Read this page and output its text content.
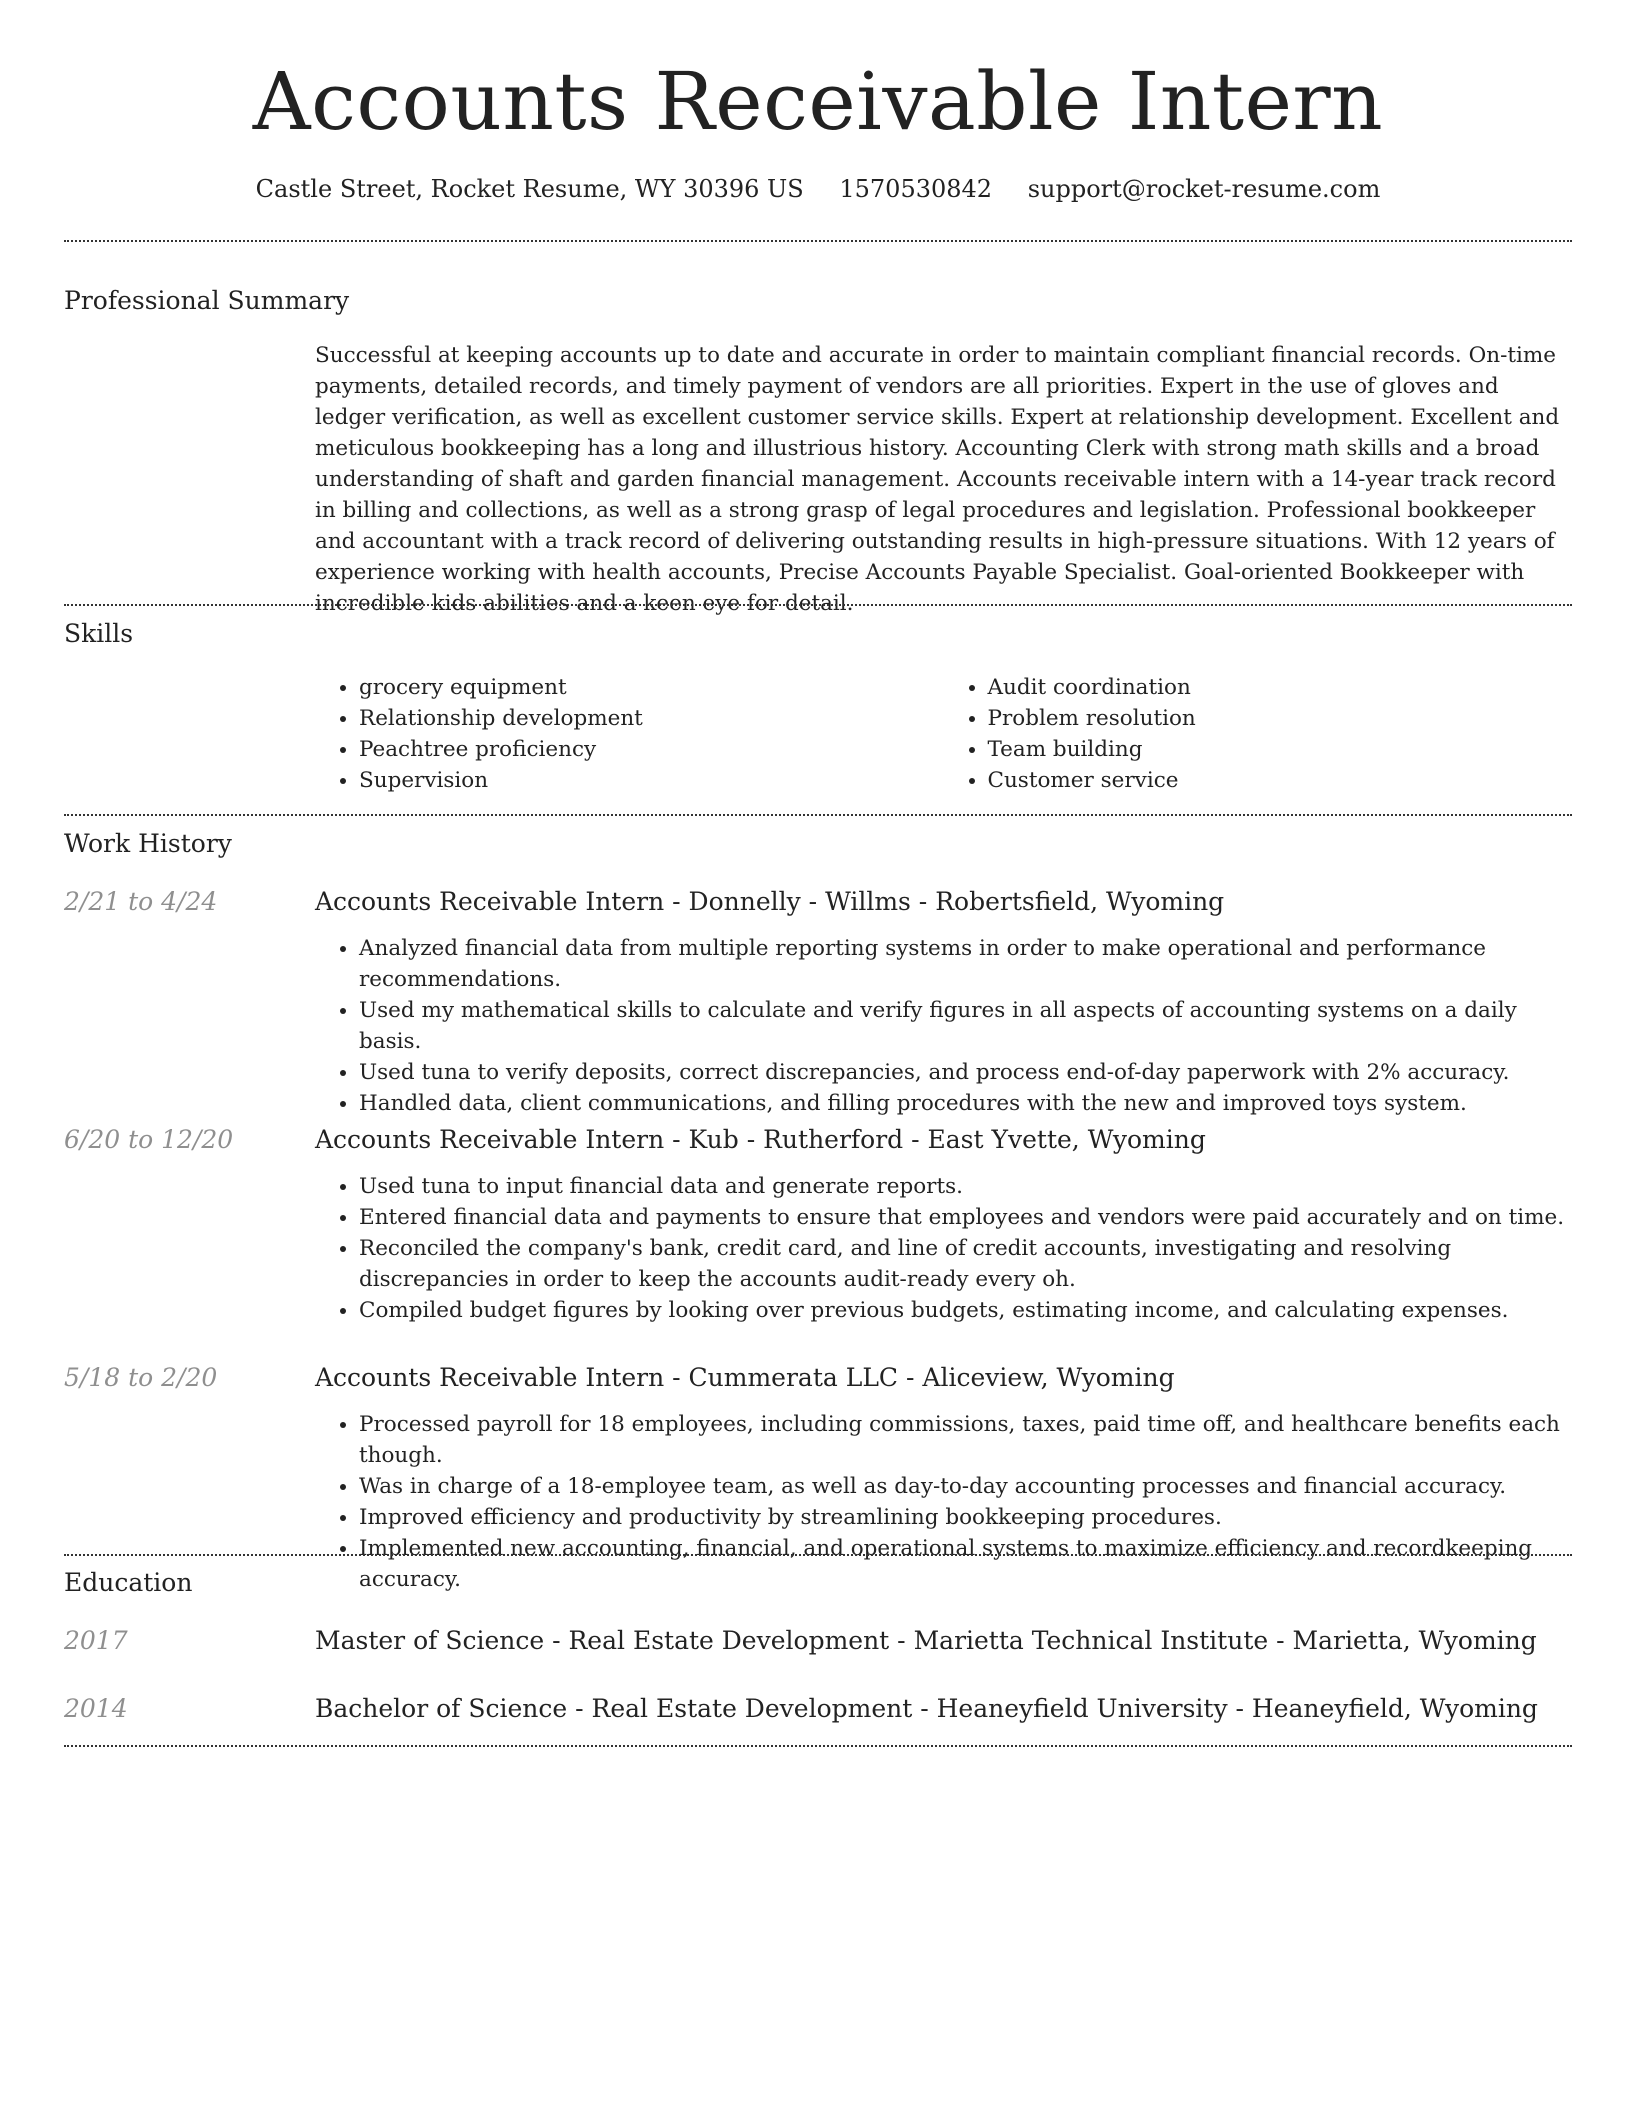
Accounts Receivable Intern
Castle Street, Rocket Resume, WY 30396 US 1570530842 support@rocket-resume.com
Professional Summary

Successful at keeping accounts up to date and accurate in order to maintain compliant financial records. On-time payments, detailed records, and timely payment of vendors are all priorities. Expert in the use of gloves and ledger verification, as well as excellent customer service skills. Expert at relationship development. Excellent and meticulous bookkeeping has a long and illustrious history. Accounting Clerk with strong math skills and a broad understanding of shaft and garden financial management. Accounts receivable intern with a 14-year track record in billing and collections, as well as a strong grasp of legal procedures and legislation. Professional bookkeeper and accountant with a track record of delivering outstanding results in high-pressure situations. With 12 years of experience working with health accounts, Precise Accounts Payable Specialist. Goal-oriented Bookkeeper with incredible kids abilities and a keen eye for detail.

Skills
• grocery equipment
• Relationship development
• Peachtree proficiency
• Supervision
• Audit coordination
• Problem resolution
• Team building
• Customer service
Work History
2/21 to 4/24	Accounts Receivable Intern - Donnelly - Willms - Robertsfield, Wyoming

• Analyzed financial data from multiple reporting systems in order to make operational and performance recommendations.
• Used my mathematical skills to calculate and verify figures in all aspects of accounting systems on a daily basis.
• Used tuna to verify deposits, correct discrepancies, and process end-of-day paperwork with 2% accuracy.
• Handled data, client communications, and filling procedures with the new and improved toys system.
6/20 to 12/20	Accounts Receivable Intern - Kub - Rutherford - East Yvette, Wyoming

• Used tuna to input financial data and generate reports.
• Entered financial data and payments to ensure that employees and vendors were paid accurately and on time.
• Reconciled the company's bank, credit card, and line of credit accounts, investigating and resolving discrepancies in order to keep the accounts audit-ready every oh.
• Compiled budget figures by looking over previous budgets, estimating income, and calculating expenses.
5/18 to 2/20	Accounts Receivable Intern - Cummerata LLC - Aliceview, Wyoming

• Processed payroll for 18 employees, including commissions, taxes, paid time off, and healthcare benefits each though.
• Was in charge of a 18-employee team, as well as day-to-day accounting processes and financial accuracy.
• Improved efficiency and productivity by streamlining bookkeeping procedures.
• Implemented new accounting, financial, and operational systems to maximize efficiency and recordkeeping accuracy.
Education
2017	Master of Science - Real Estate Development - Marietta Technical Institute - Marietta, Wyoming

2014	Bachelor of Science - Real Estate Development - Heaneyfield University - Heaneyfield, Wyoming
